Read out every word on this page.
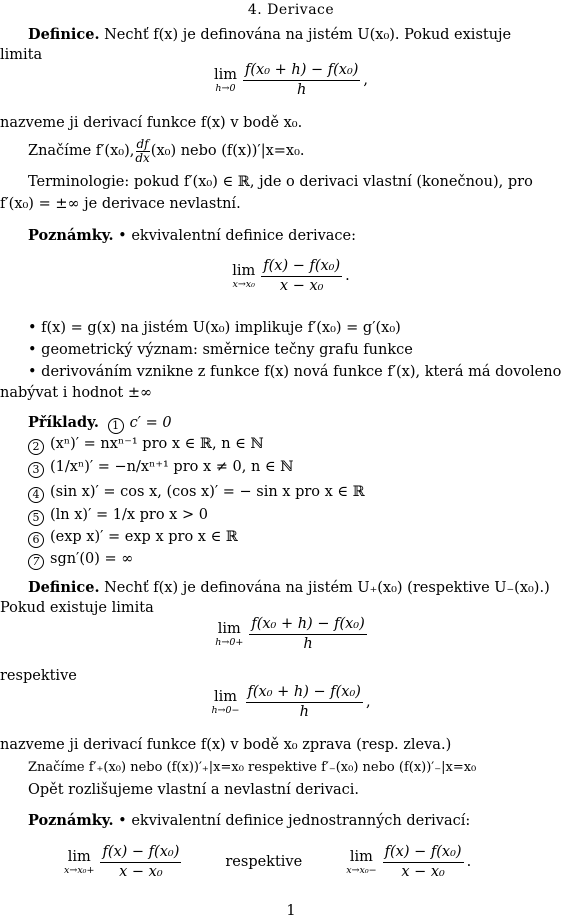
4. Derivace
Definice. Nechť f(x) je definována na jistém U(x₀). Pokud existuje
limita
lim
$h\to 0 \frac{\text{f(x₀ + h) − f(x₀)}}{h}$ ,
nazveme ji derivací funkce f(x) v bodě x₀.
Značíme f′(x₀), $\frac{df}{dx} (x_0)$ nebo (f(x))′|x=x₀.
Terminologie: pokud f′(x₀) ∈ ℝ, jde o derivaci vlastní (konečnou), pro
f′(x₀) = ±∞ je derivace nevlastní.
Poznámky. • ekvivalentní definice derivace:
lim
$x\to x_0 \frac{\text{f(x) − f(x₀)}}{\text{x − x₀}}$ .
• f(x) = g(x) na jistém U(x₀) implikuje f′(x₀) = g′(x₀)
• geometrický význam: směrnice tečny grafu funkce
• derivováním vznikne z funkce f(x) nová funkce f′(x), která má dovoleno
nabývat i hodnot ±∞
Příklady. 1 c′ = 0
2 (xⁿ)′ = nxⁿ⁻¹ pro x ∈ ℝ, n ∈ ℕ
3 (1/xⁿ)′ = −n/xⁿ⁺¹ pro x ≠ 0, n ∈ ℕ
4 (sin x)′ = cos x, (cos x)′ = − sin x pro x ∈ ℝ
5 (ln x)′ = 1/x pro x > 0
6 (exp x)′ = exp x pro x ∈ ℝ
7 sgn′(0) = ∞
Definice. Nechť f(x) je definována na jistém U₊(x₀) (respektive U₋(x₀).)
Pokud existuje limita
lim
$h\to 0+ \frac{\text{f(x₀ + h) − f(x₀)}}{h}$
respektive
lim
$h\to 0- \frac{\text{f(x₀ + h) − f(x₀)}}{h}$ ,
nazveme ji derivací funkce f(x) v bodě x₀ zprava (resp. zleva.)
Značíme f′₊(x₀) nebo (f(x))′₊|x=x₀ respektive f′₋(x₀) nebo (f(x))′₋|x=x₀
Opět rozlišujeme vlastní a nevlastní derivaci.
Poznámky. • ekvivalentní definice jednostranných derivací:
lim
$x\to x_0+ \frac{\text{f(x) − f(x₀)}}{\text{x − x₀}}$	respektive	lim
$x\to x_0- \frac{\text{f(x) − f(x₀)}}{\text{x − x₀}}$ .
1
